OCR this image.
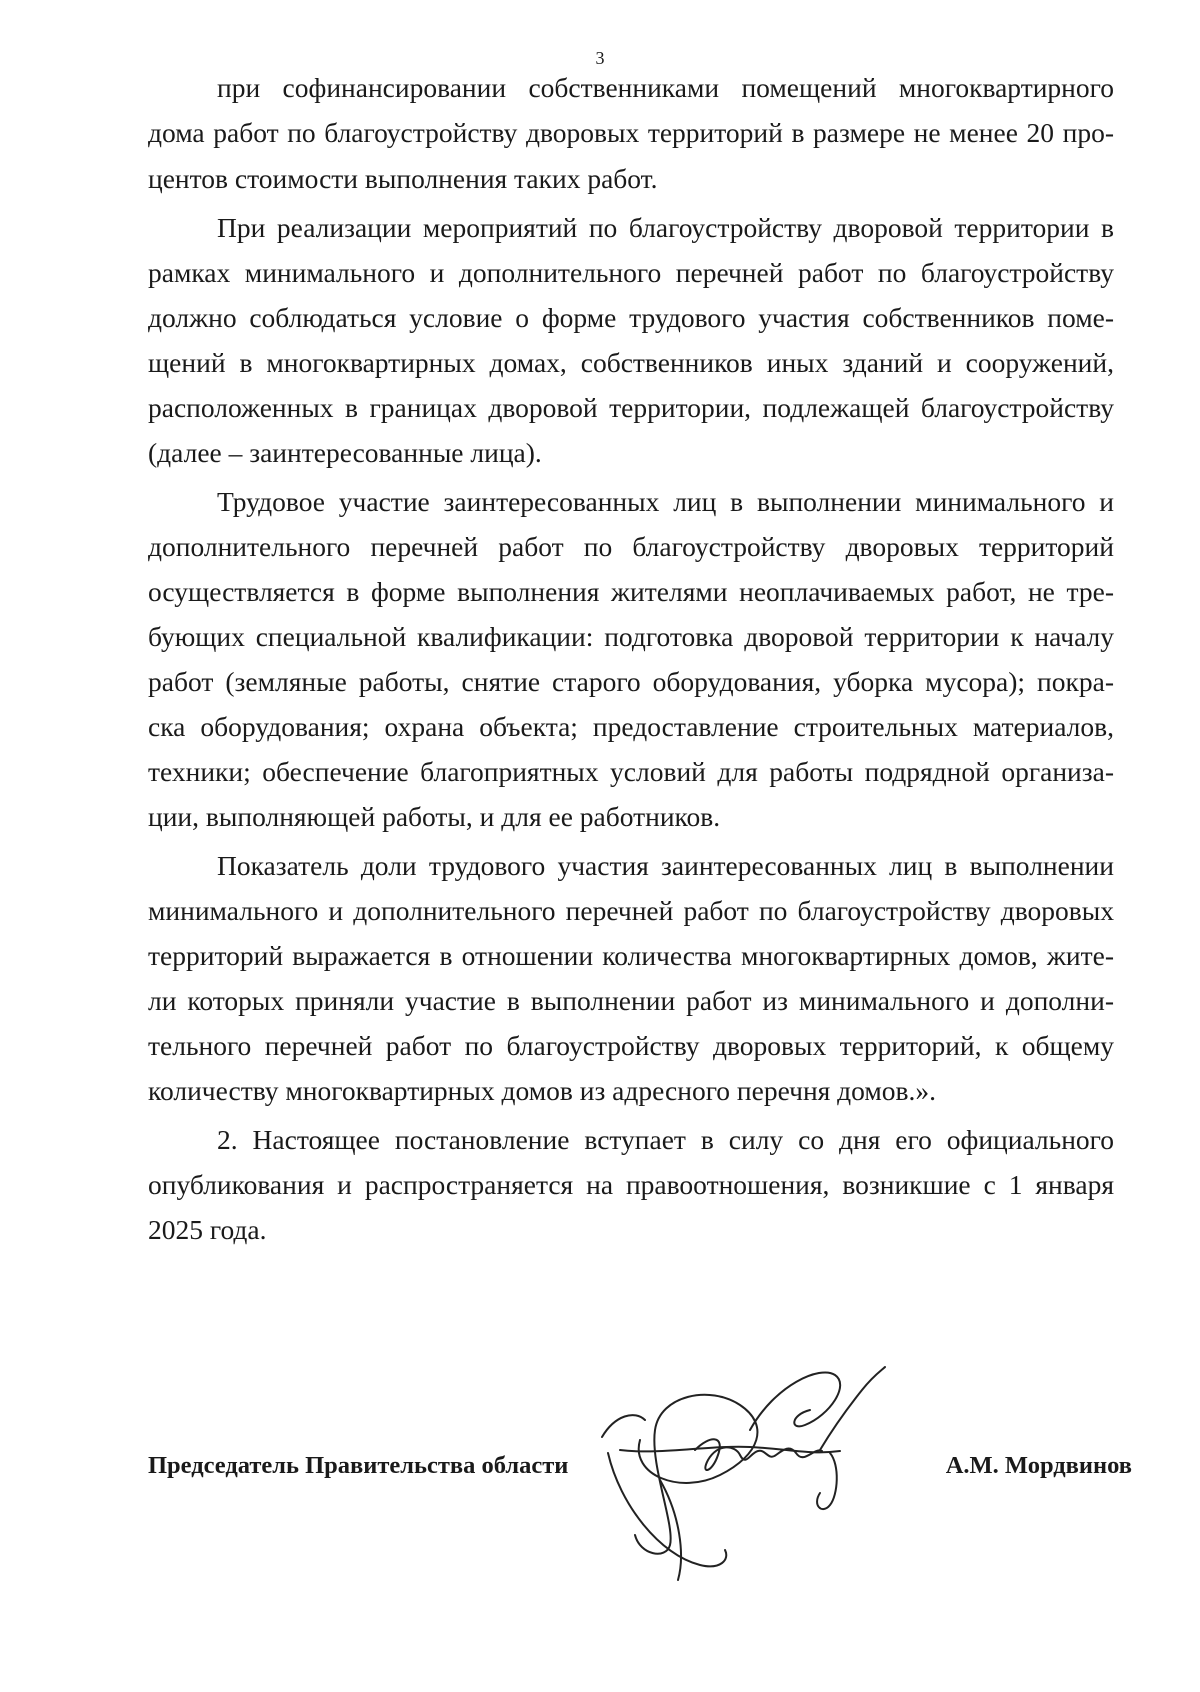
3
при софинансировании собственниками помещений многоквартирного
дома работ по благоустройству дворовых территорий в размере не менее 20 про-
центов стоимости выполнения таких работ.
При реализации мероприятий по благоустройству дворовой территории в
рамках минимального и дополнительного перечней работ по благоустройству
должно соблюдаться условие о форме трудового участия собственников поме-
щений в многоквартирных домах, собственников иных зданий и сооружений,
расположенных в границах дворовой территории, подлежащей благоустройству
(далее – заинтересованные лица).
Трудовое участие заинтересованных лиц в выполнении минимального и
дополнительного перечней работ по благоустройству дворовых территорий
осуществляется в форме выполнения жителями неоплачиваемых работ, не тре-
бующих специальной квалификации: подготовка дворовой территории к началу
работ (земляные работы, снятие старого оборудования, уборка мусора); покра-
ска оборудования; охрана объекта; предоставление строительных материалов,
техники; обеспечение благоприятных условий для работы подрядной организа-
ции, выполняющей работы, и для ее работников.
Показатель доли трудового участия заинтересованных лиц в выполнении
минимального и дополнительного перечней работ по благоустройству дворовых
территорий выражается в отношении количества многоквартирных домов, жите-
ли которых приняли участие в выполнении работ из минимального и дополни-
тельного перечней работ по благоустройству дворовых территорий, к общему
количеству многоквартирных домов из адресного перечня домов.».
2. Настоящее постановление вступает в силу со дня его официального
опубликования и распространяется на правоотношения, возникшие с 1 января
2025 года.
Председатель Правительства области	А.М. Мордвинов
